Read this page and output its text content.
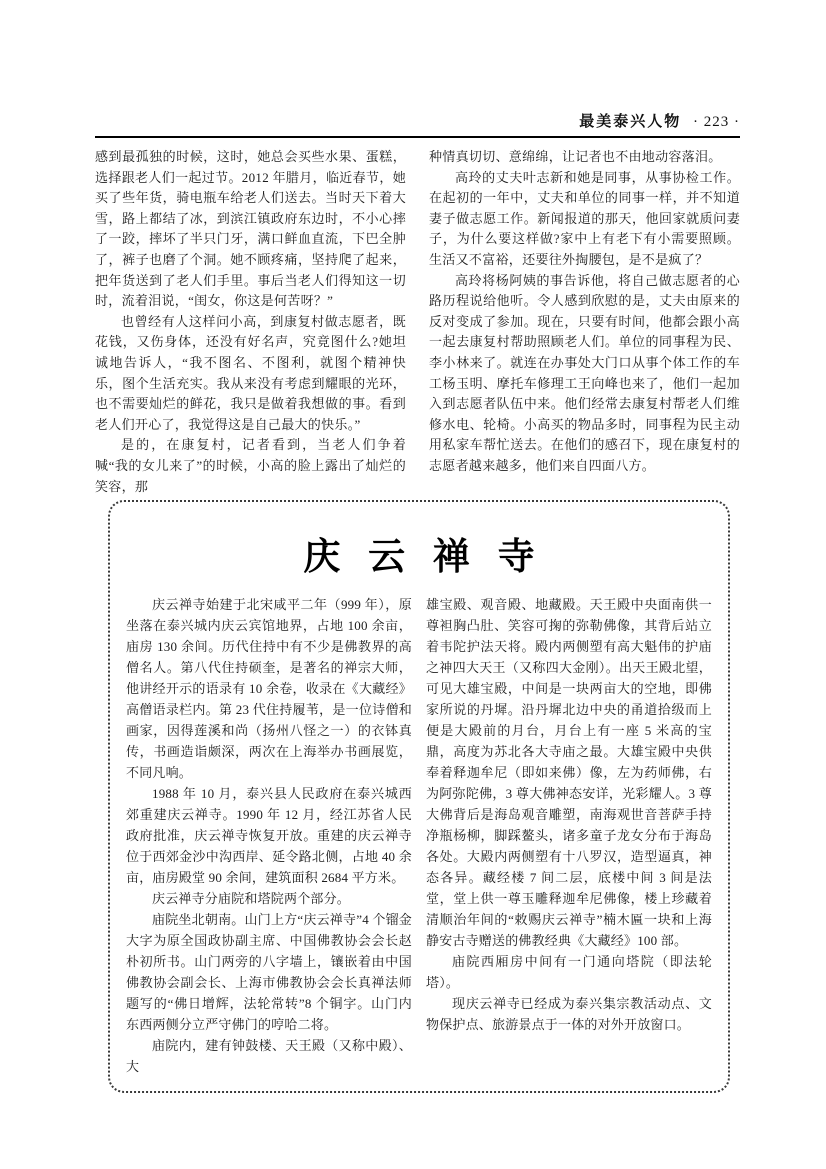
最美泰兴人物 · 223 ·

感到最孤独的时候，这时，她总会买些水果、蛋糕，选择跟老人们一起过节。2012 年腊月，临近春节，她买了些年货，骑电瓶车给老人们送去。当时天下着大雪，路上都结了冰，到滨江镇政府东边时，不小心摔了一跤，摔坏了半只门牙，满口鲜血直流，下巴全肿了，裤子也磨了个洞。她不顾疼痛，坚持爬了起来，把年货送到了老人们手里。事后当老人们得知这一切时，流着泪说，“闺女，你这是何苦呀？”

也曾经有人这样问小高，到康复村做志愿者，既花钱，又伤身体，还没有好名声，究竟图什么?她坦诚地告诉人，“我不图名、不图利，就图个精神快乐，图个生活充实。我从来没有考虑到耀眼的光环，也不需要灿烂的鲜花，我只是做着我想做的事。看到老人们开心了，我觉得这是自己最大的快乐。”

是的，在康复村，记者看到，当老人们争着喊“我的女儿来了”的时候，小高的脸上露出了灿烂的笑容，那

种情真切切、意绵绵，让记者也不由地动容落泪。

高玲的丈夫叶志新和她是同事，从事协检工作。在起初的一年中，丈夫和单位的同事一样，并不知道妻子做志愿工作。新闻报道的那天，他回家就质问妻子，为什么要这样做?家中上有老下有小需要照顾。生活又不富裕，还要往外掏腰包，是不是疯了？

高玲将杨阿姨的事告诉他，将自己做志愿者的心路历程说给他听。令人感到欣慰的是，丈夫由原来的反对变成了参加。现在，只要有时间，他都会跟小高一起去康复村帮助照顾老人们。单位的同事程为民、李小林来了。就连在办事处大门口从事个体工作的车工杨玉明、摩托车修理工王向峰也来了，他们一起加入到志愿者队伍中来。他们经常去康复村帮老人们维修水电、轮椅。小高买的物品多时，同事程为民主动用私家车帮忙送去。在他们的感召下，现在康复村的志愿者越来越多，他们来自四面八方。

庆云禅寺

庆云禅寺始建于北宋咸平二年（999 年），原坐落在泰兴城内庆云宾馆地界，占地 100 余亩，庙房 130 余间。历代住持中有不少是佛教界的高僧名人。第八代住持硕奎，是著名的禅宗大师，他讲经开示的语录有 10 余卷，收录在《大藏经》高僧语录栏内。第 23 代住持履苇，是一位诗僧和画家，因得莲溪和尚（扬州八怪之一）的衣钵真传，书画造诣颇深，两次在上海举办书画展览，不同凡响。

1988 年 10 月，泰兴县人民政府在泰兴城西郊重建庆云禅寺。1990 年 12 月，经江苏省人民政府批准，庆云禅寺恢复开放。重建的庆云禅寺位于西郊金沙中沟西岸、延令路北侧，占地 40 余亩，庙房殿堂 90 余间，建筑面积 2684 平方米。

庆云禅寺分庙院和塔院两个部分。

庙院坐北朝南。山门上方“庆云禅寺”4 个镏金大字为原全国政协副主席、中国佛教协会会长赵朴初所书。山门两旁的八字墙上，镶嵌着由中国佛教协会副会长、上海市佛教协会会长真禅法师题写的“佛日增辉，法轮常转”8 个铜字。山门内东西两侧分立严守佛门的哼哈二将。

庙院内，建有钟鼓楼、天王殿（又称中殿）、大

雄宝殿、观音殿、地藏殿。天王殿中央面南供一尊袒胸凸肚、笑容可掬的弥勒佛像，其背后站立着韦陀护法天将。殿内两侧塑有高大魁伟的护庙之神四大天王（又称四大金刚）。出天王殿北望，可见大雄宝殿，中间是一块两亩大的空地，即佛家所说的丹墀。沿丹墀北边中央的甬道拾级而上便是大殿前的月台，月台上有一座 5 米高的宝鼎，高度为苏北各大寺庙之最。大雄宝殿中央供奉着释迦牟尼（即如来佛）像，左为药师佛，右为阿弥陀佛，3 尊大佛神态安详，光彩耀人。3 尊大佛背后是海岛观音雕塑，南海观世音菩萨手持净瓶杨柳，脚踩鳌头，诸多童子龙女分布于海岛各处。大殿内两侧塑有十八罗汉，造型逼真，神态各异。藏经楼 7 间二层，底楼中间 3 间是法堂，堂上供一尊玉雕释迦牟尼佛像，楼上珍藏着清顺治年间的“敕赐庆云禅寺”楠木匾一块和上海静安古寺赠送的佛教经典《大藏经》100 部。

庙院西厢房中间有一门通向塔院（即法轮塔）。

现庆云禅寺已经成为泰兴集宗教活动点、文物保护点、旅游景点于一体的对外开放窗口。
